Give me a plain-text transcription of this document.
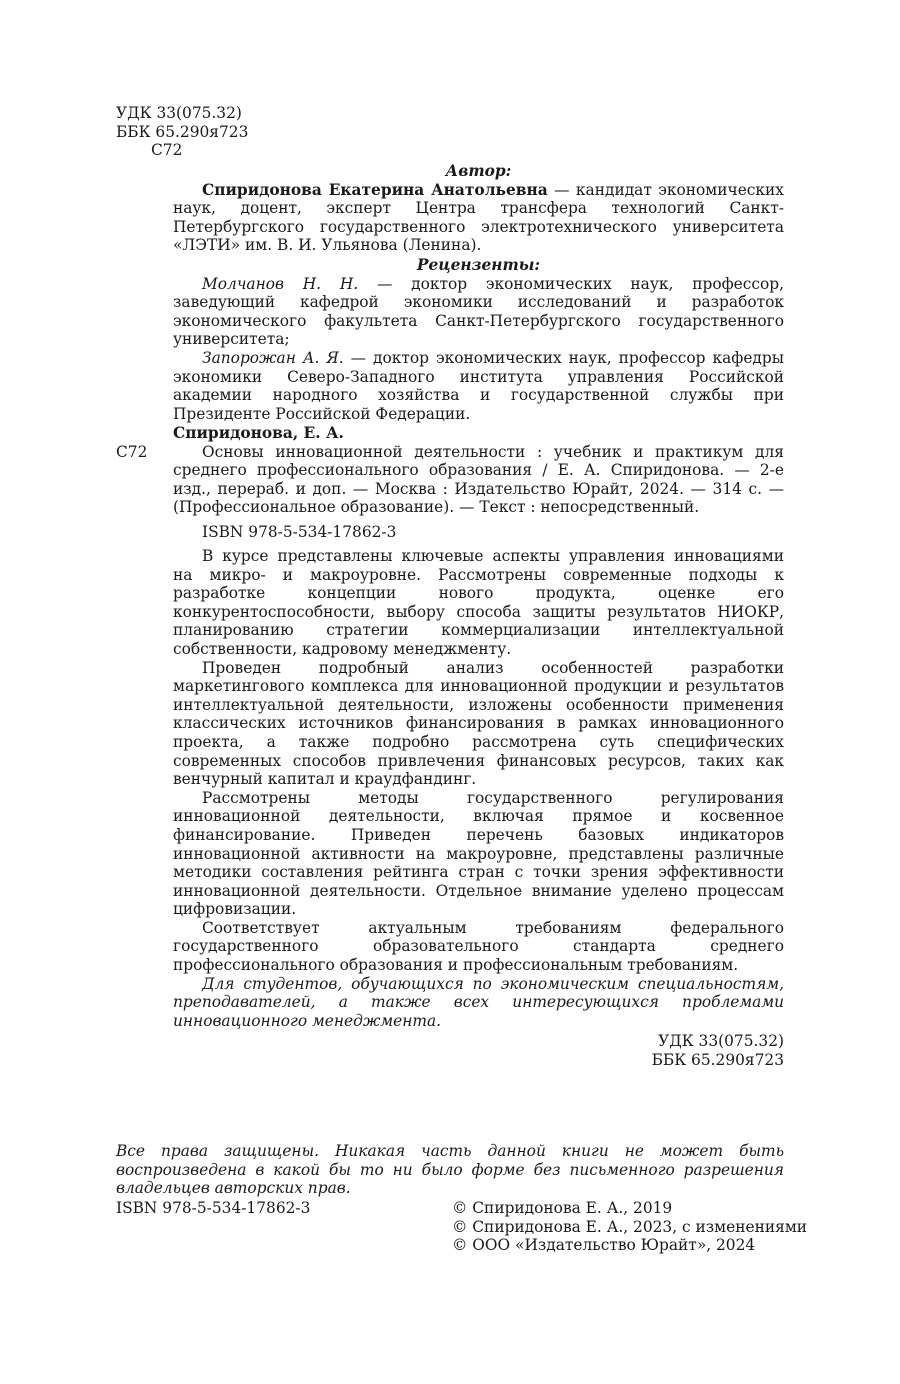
УДК 33(075.32)
ББК 65.290я723
С72

Автор:

Спиридонова Екатерина Анатольевна — кандидат экономических наук, доцент, эксперт Центра трансфера технологий Санкт-Петербургского государственного электротехнического университета «ЛЭТИ» им. В. И. Ульянова (Ленина).

Рецензенты:

Молчанов Н. Н. — доктор экономических наук, профессор, заведующий кафедрой экономики исследований и разработок экономического факультета Санкт-Петербургского государственного университета;

Запорожан А. Я. — доктор экономических наук, профессор кафедры экономики Северо-Западного института управления Российской академии народного хозяйства и государственной службы при Президенте Российской Федерации.

Спиридонова, Е. А.

Основы инновационной деятельности : учебник и практикум для среднего профессионального образования / Е. А. Спиридонова. — 2-е изд., перераб. и доп. — Москва : Издательство Юрайт, 2024. — 314 с. — (Профессиональное образование). — Текст : непосредственный.

ISBN 978-5-534-17862-3

С72

В курсе представлены ключевые аспекты управления инновациями на микро- и макроуровне. Рассмотрены современные подходы к разработке концепции нового продукта, оценке его конкурентоспособности, выбору способа защиты результатов НИОКР, планированию стратегии коммерциализации интеллектуальной собственности, кадровому менеджменту.

Проведен подробный анализ особенностей разработки маркетингового комплекса для инновационной продукции и результатов интеллектуальной деятельности, изложены особенности применения классических источников финансирования в рамках инновационного проекта, а также подробно рассмотрена суть специфических современных способов привлечения финансовых ресурсов, таких как венчурный капитал и краудфандинг.

Рассмотрены методы государственного регулирования инновационной деятельности, включая прямое и косвенное финансирование. Приведен перечень базовых индикаторов инновационной активности на макроуровне, представлены различные методики составления рейтинга стран с точки зрения эффективности инновационной деятельности. Отдельное внимание уделено процессам цифровизации.

Соответствует актуальным требованиям федерального государственного образовательного стандарта среднего профессионального образования и профессиональным требованиям.

Для студентов, обучающихся по экономическим специальностям, преподавателей, а также всех интересующихся проблемами инновационного менеджмента.

УДК 33(075.32)

ББК 65.290я723

Все права защищены. Никакая часть данной книги не может быть воспроизведена в какой бы то ни было форме без письменного разрешения владельцев авторских прав.
ISBN 978-5-534-17862-3	© Спиридонова Е. А., 2019
© Спиридонова Е. А., 2023, с изменениями
© ООО «Издательство Юрайт», 2024
